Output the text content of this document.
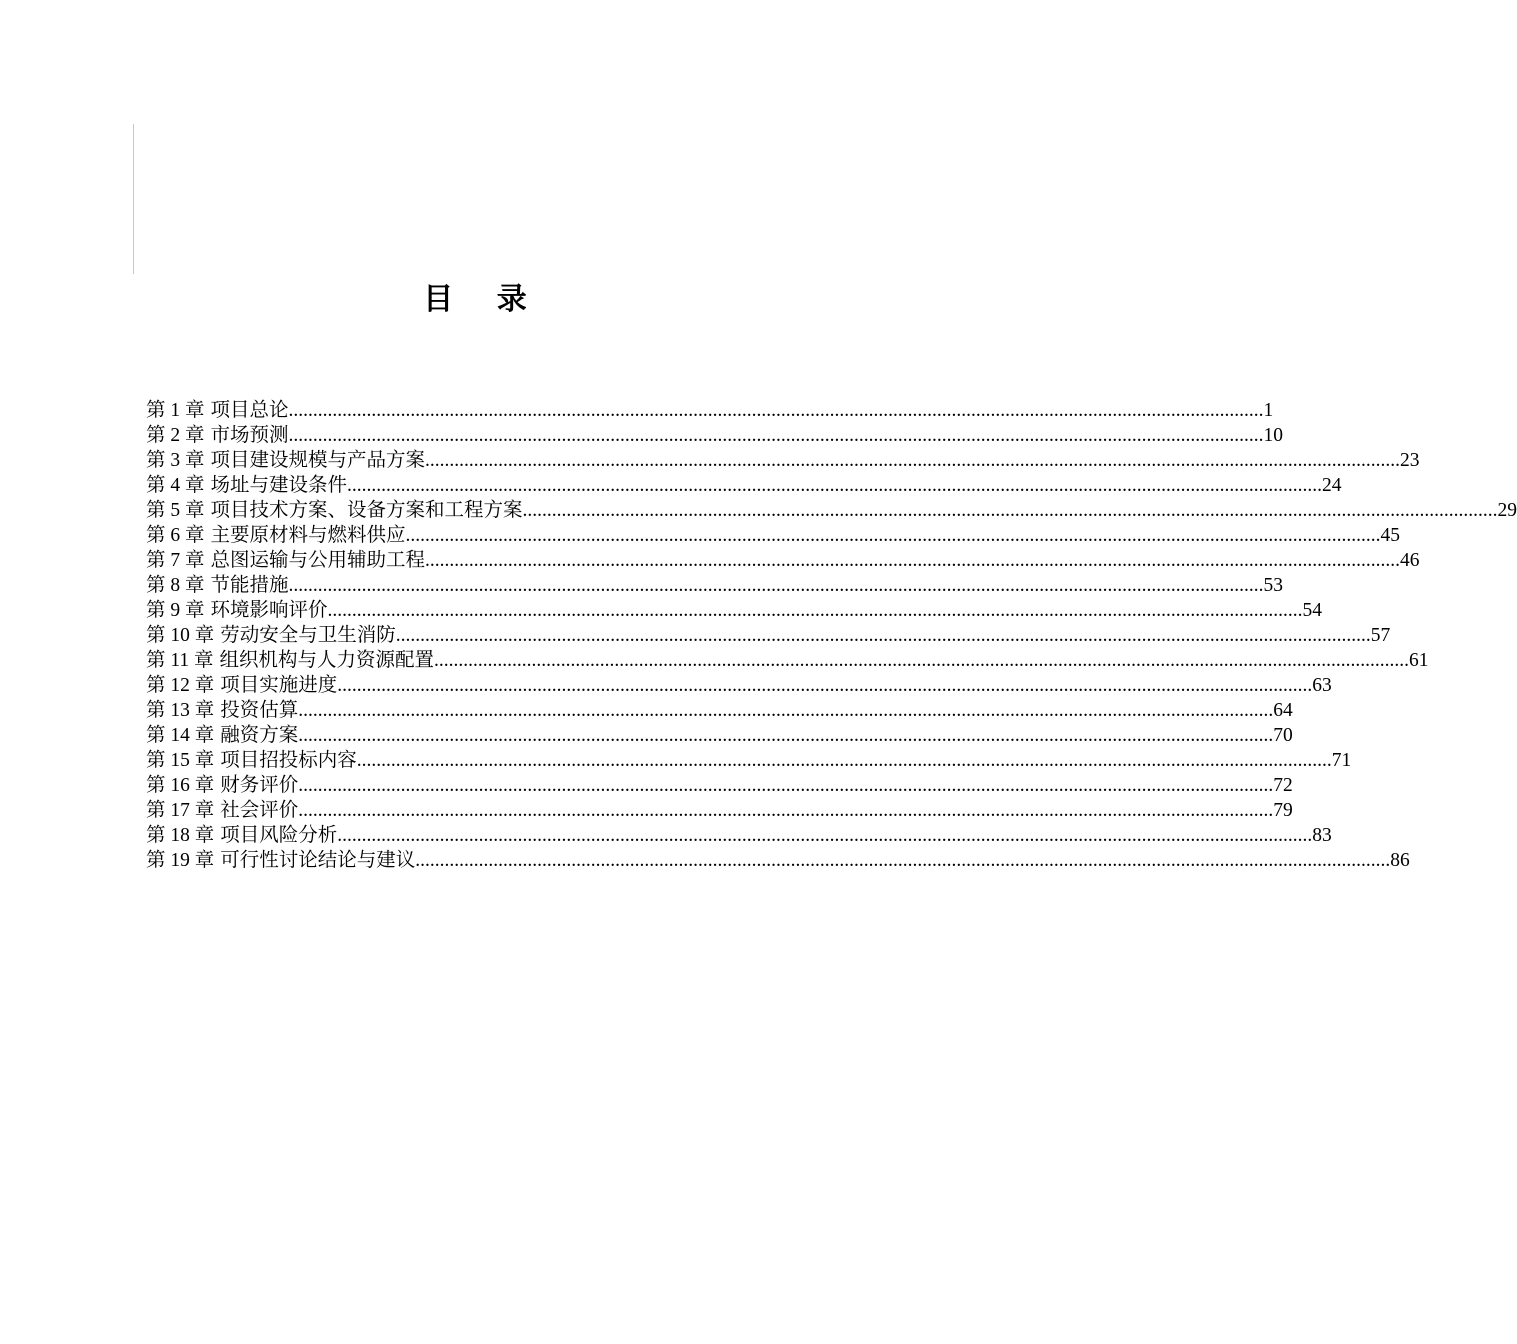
目 录
第 1 章 项目总论 ........................................................................................................................................................................................................ 1
第 2 章 市场预测 ........................................................................................................................................................................................................ 10
第 3 章 项目建设规模与产品方案 ........................................................................................................................................................................................................ 23
第 4 章 场址与建设条件 ........................................................................................................................................................................................................ 24
第 5 章 项目技术方案、设备方案和工程方案 ........................................................................................................................................................................................................ 29
第 6 章 主要原材料与燃料供应 ........................................................................................................................................................................................................ 45
第 7 章 总图运输与公用辅助工程 ........................................................................................................................................................................................................ 46
第 8 章 节能措施 ........................................................................................................................................................................................................ 53
第 9 章 环境影响评价 ........................................................................................................................................................................................................ 54
第 10 章 劳动安全与卫生消防 ........................................................................................................................................................................................................ 57
第 11 章 组织机构与人力资源配置 ........................................................................................................................................................................................................ 61
第 12 章 项目实施进度 ........................................................................................................................................................................................................ 63
第 13 章 投资估算 ........................................................................................................................................................................................................ 64
第 14 章 融资方案 ........................................................................................................................................................................................................ 70
第 15 章 项目招投标内容 ........................................................................................................................................................................................................ 71
第 16 章 财务评价 ........................................................................................................................................................................................................ 72
第 17 章 社会评价 ........................................................................................................................................................................................................ 79
第 18 章 项目风险分析 ........................................................................................................................................................................................................ 83
第 19 章 可行性讨论结论与建议 ........................................................................................................................................................................................................ 86
